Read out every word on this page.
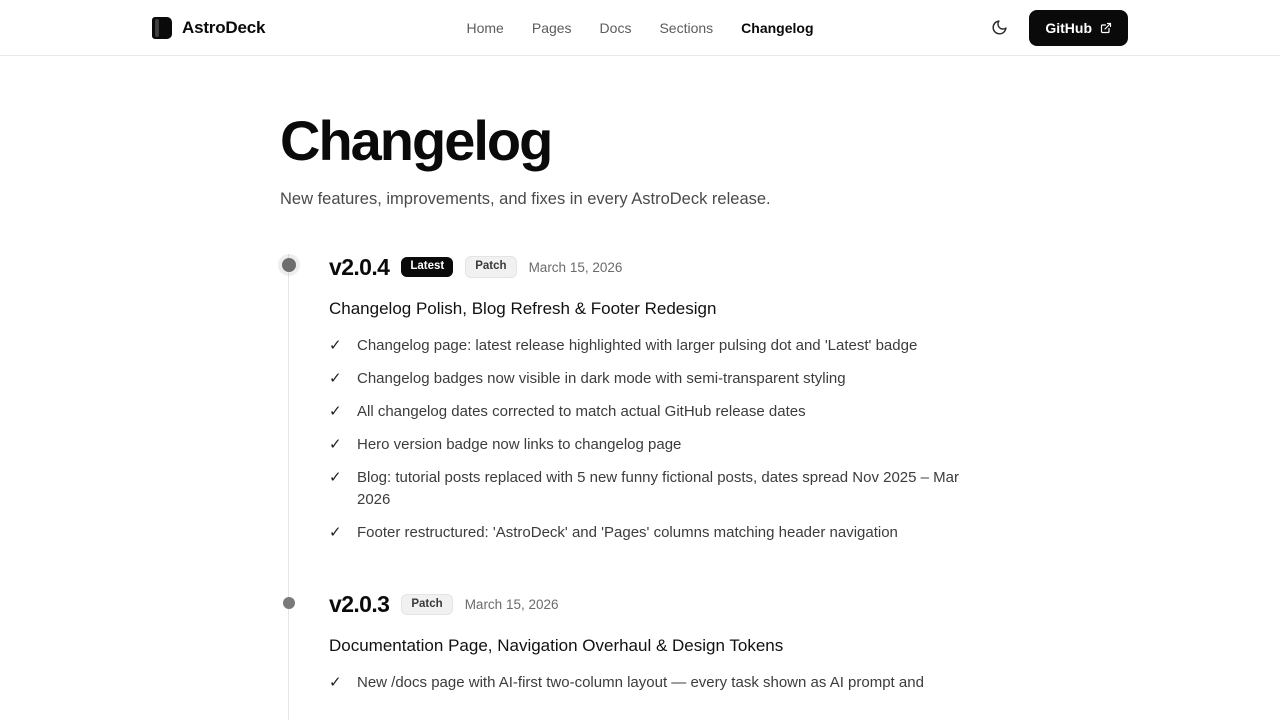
AstroDeck	Home Pages Docs Sections Changelog	GitHub
Changelog

New features, improvements, and fixes in every AstroDeck release.

v2.0.4	Latest	Patch	March 15, 2026
Changelog Polish, Blog Refresh & Footer Redesign
✓ Changelog page: latest release highlighted with larger pulsing dot and 'Latest' badge
✓ Changelog badges now visible in dark mode with semi-transparent styling
✓ All changelog dates corrected to match actual GitHub release dates
✓ Hero version badge now links to changelog page
✓ Blog: tutorial posts replaced with 5 new funny fictional posts, dates spread Nov 2025 – Mar 2026
✓ Footer restructured: 'AstroDeck' and 'Pages' columns matching header navigation
v2.0.3	Patch	March 15, 2026
Documentation Page, Navigation Overhaul & Design Tokens
✓ New /docs page with AI-first two-column layout — every task shown as AI prompt and
